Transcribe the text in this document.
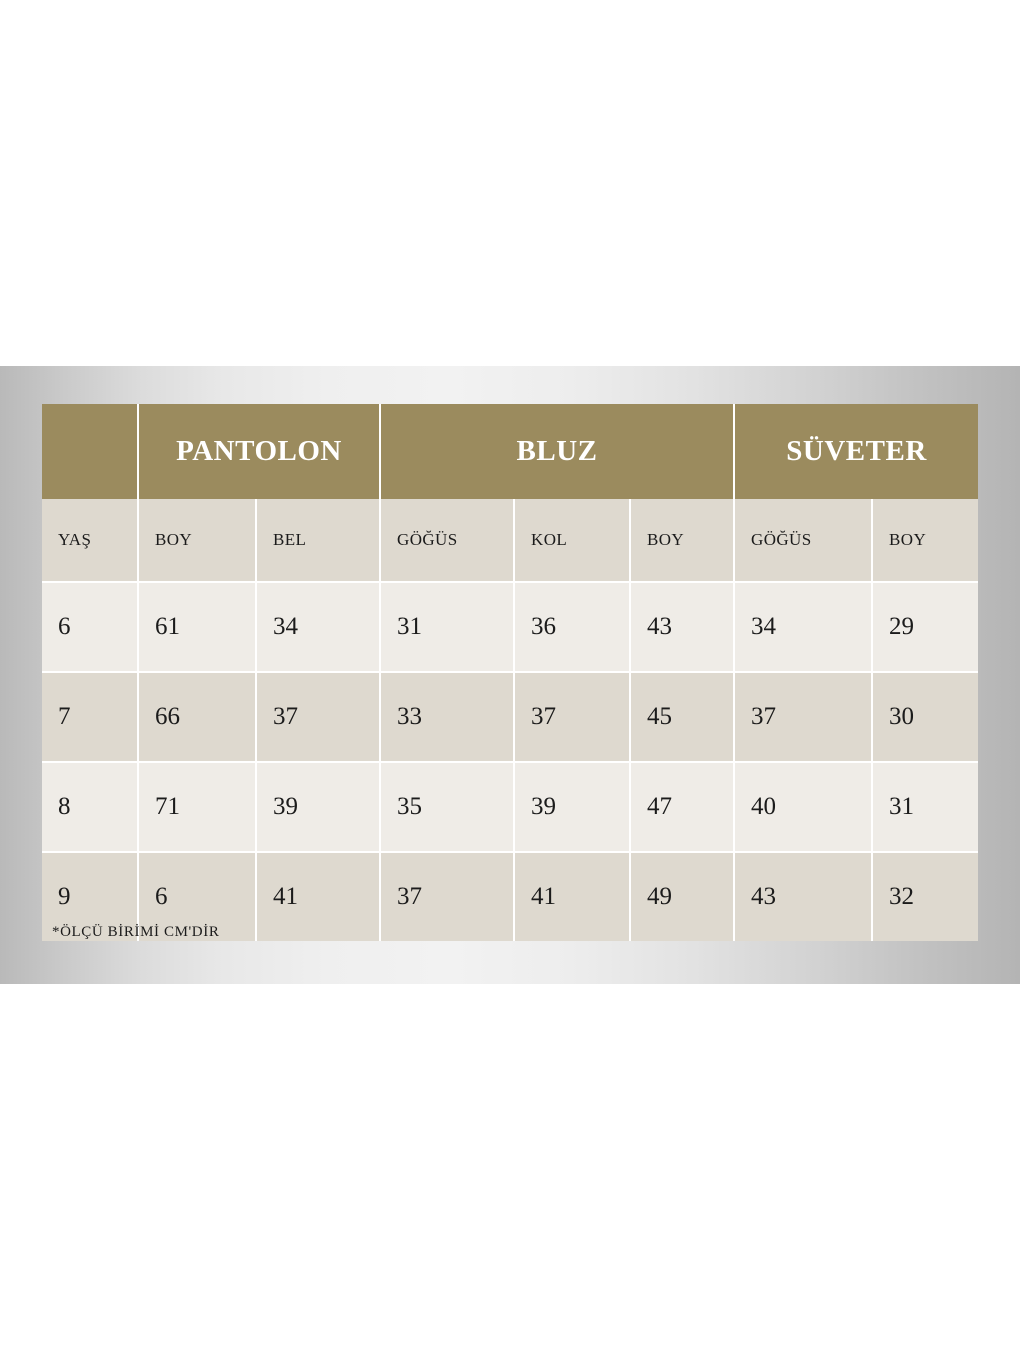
	PANTOLON		BLUZ			SÜVETER	
YAŞ	BOY	BEL	GÖĞÜS	KOL	BOY	GÖĞÜS	BOY
6	61	34	31	36	43	34	29
7	66	37	33	37	45	37	30
8	71	39	35	39	47	40	31
9	6	41	37	41	49	43	32
*ÖLÇÜ BİRİMİ CM'DİR
